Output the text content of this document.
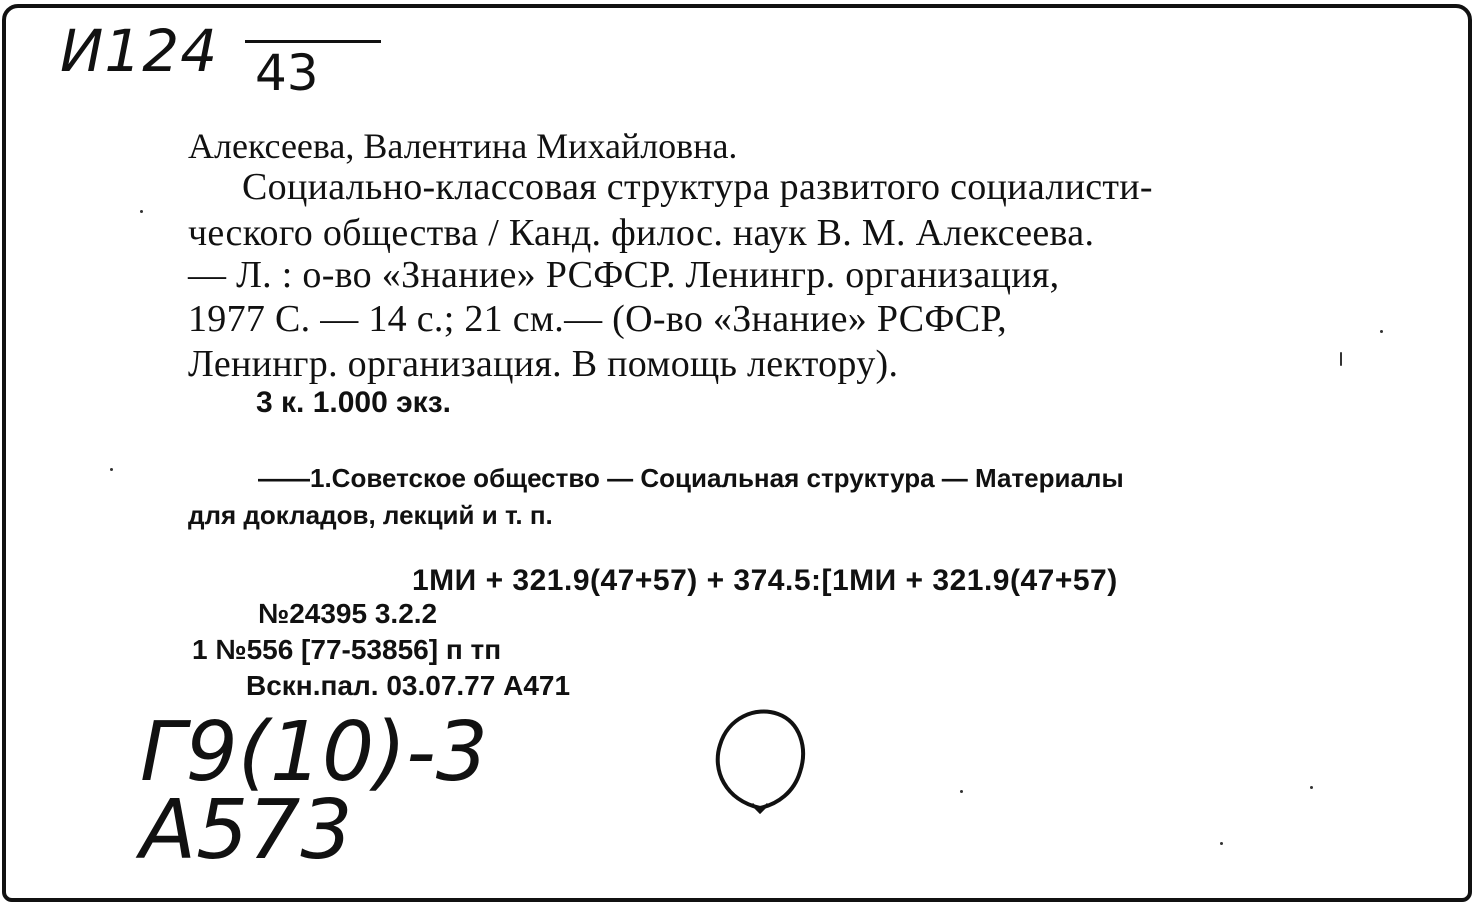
И124 43
Алексеева, Валентина Михайловна.
Социально-классовая структура развитого социалисти-
ческого общества / Канд. филос. наук В. М. Алексеева.
— Л. : о-во «Знание» РСФСР. Ленингр. организация,
1977 С. — 14 с.; 21 см.— (О-во «Знание» РСФСР,
Ленингр. организация. В помощь лектору).
3 к. 1.000 экз.
——1.Советское общество — Социальная структура — Материалы
для докладов, лекций и т. п.
1МИ + 321.9(47+57) + 374.5:[1МИ + 321.9(47+57)
№24395 3.2.2
1 №556 [77-53856] п тп
Вскн.пал. 03.07.77 А471
Г9(10)-3
А573
